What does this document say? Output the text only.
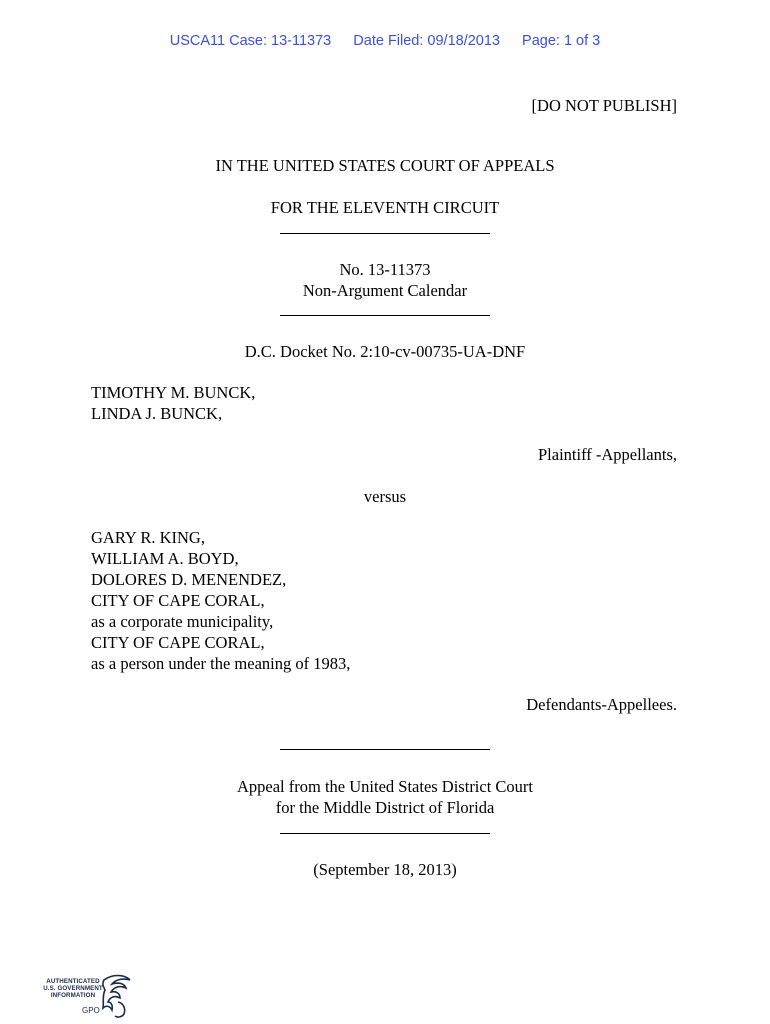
USCA11 Case: 13-11373 Date Filed: 09/18/2013 Page: 1 of 3
[DO NOT PUBLISH]
IN THE UNITED STATES COURT OF APPEALS
FOR THE ELEVENTH CIRCUIT
No. 13-11373
Non-Argument Calendar
D.C. Docket No. 2:10-cv-00735-UA-DNF
TIMOTHY M. BUNCK,
LINDA J. BUNCK,
Plaintiff -Appellants,
versus
GARY R. KING,
WILLIAM A. BOYD,
DOLORES D. MENENDEZ,
CITY OF CAPE CORAL,
as a corporate municipality,
CITY OF CAPE CORAL,
as a person under the meaning of 1983,
Defendants-Appellees.
Appeal from the United States District Court
for the Middle District of Florida
(September 18, 2013)
AUTHENTICATED
U.S. GOVERNMENT
INFORMATION
GPO
